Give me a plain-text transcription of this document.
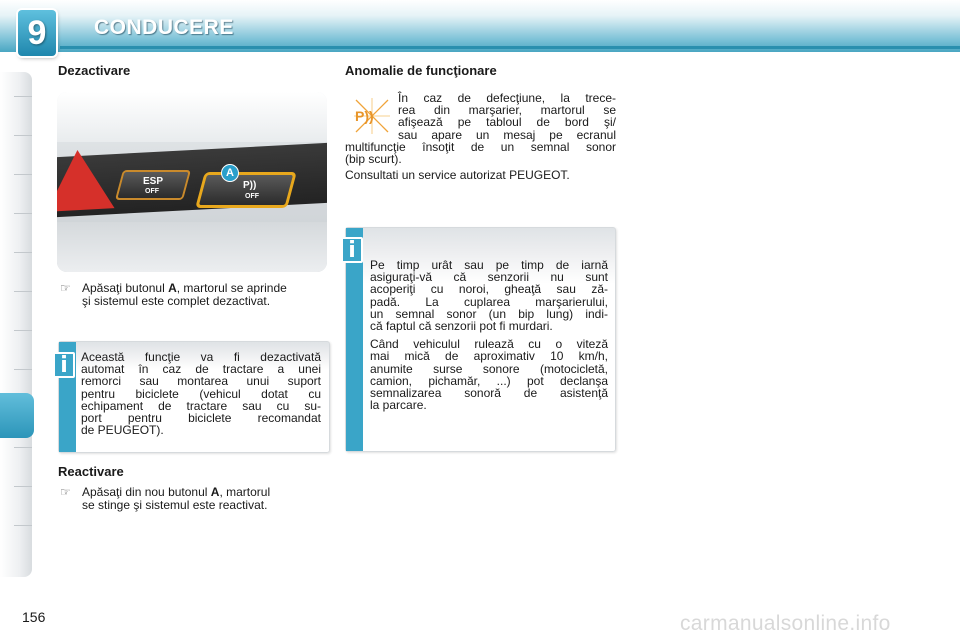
9 CONDUCERE
Dezactivare
ESP
OFF
P))
OFF
A
☞ Apăsaţi butonul A, martorul se aprinde
şi sistemul este complet dezactivat.
i Această funcţie va fi dezactivată
automat în caz de tractare a unei
remorci sau montarea unui suport
pentru biciclete (vehicul dotat cu
echipament de tractare sau cu su-
port pentru biciclete recomandat
de PEUGEOT).
Reactivare
☞ Apăsaţi din nou butonul A, martorul
se stinge şi sistemul este reactivat.
Anomalie de funcţionare
P))
În caz de defecţiune, la trece-
rea din marşarier, martorul se
afişează pe tabloul de bord şi/
sau apare un mesaj pe ecranul
multifuncţie însoţit de un semnal sonor
(bip scurt).
Consultati un service autorizat PEUGEOT.
i
Pe timp urât sau pe timp de iarnă
asiguraţi-vă că senzorii nu sunt
acoperiţi cu noroi, gheaţă sau ză-
padă. La cuplarea marşarierului,
un semnal sonor (un bip lung) indi-
că faptul că senzorii pot fi murdari.
Când vehiculul rulează cu o viteză
mai mică de aproximativ 10 km/h,
anumite surse sonore (motocicletă,
camion, pichamăr, ...) pot declanşa
semnalizarea sonoră de asistenţă
la parcare.
156	carmanualsonline.info
